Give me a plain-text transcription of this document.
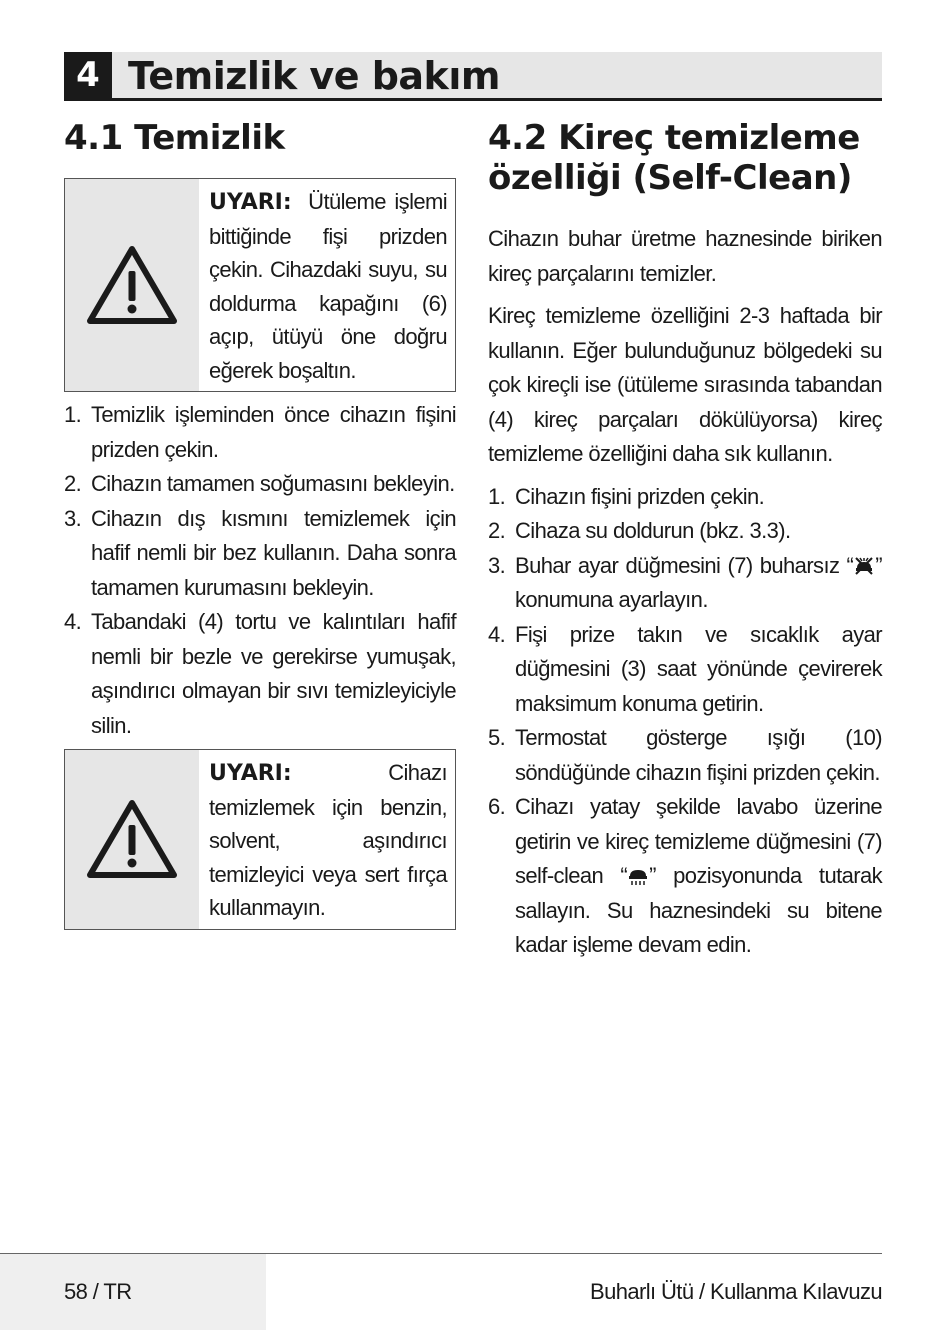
4 Temizlik ve bakım
4.1 Temizlik
UYARI: Ütüleme işlemi bittiğinde fişi prizden çekin. Cihazdaki suyu, su doldurma kapağını (6) açıp, ütüyü öne doğru eğerek boşaltın.
1. Temizlik işleminden önce cihazın fişini prizden çekin.
2. Cihazın tamamen soğumasını bekleyin.
3. Cihazın dış kısmını temizlemek için hafif nemli bir bez kullanın. Daha sonra tamamen kurumasını bekleyin.
4. Tabandaki (4) tortu ve kalıntıları hafif nemli bir bezle ve gerekirse yumuşak, aşındırıcı olmayan bir sıvı temizleyiciyle silin.
UYARI:	Cihazı temizlemek için benzin, solvent, aşındırıcı temizleyici veya sert fırça kullanmayın.
4.2 Kireç temizleme
özelliği (Self-Clean)

Cihazın buhar üretme haznesinde biriken kireç parçalarını temizler.

Kireç temizleme özelliğini 2-3 haftada bir kullanın. Eğer bulunduğunuz bölgedeki su çok kireçli ise (ütüleme sırasında tabandan (4) kireç parçaları dökülüyorsa) kireç temizleme özelliğini daha sık kullanın.

1. Cihazın fişini prizden çekin.
2. Cihaza su doldurun (bkz. 3.3).
3. Buhar ayar düğmesini (7) buharsız “ ” konumuna ayarlayın.
4. Fişi prize takın ve sıcaklık ayar düğmesini (3) saat yönünde çevirerek maksimum konuma getirin.
5. Termostat gösterge ışığı (10) söndüğünde cihazın fişini prizden çekin.
6. Cihazı yatay şekilde lavabo üzerine getirin ve kireç temizleme düğmesini (7) self-clean “ ” pozisyonunda tutarak sallayın. Su haznesindeki su bitene kadar işleme devam edin.
58 / TR	Buharlı Ütü / Kullanma Kılavuzu
